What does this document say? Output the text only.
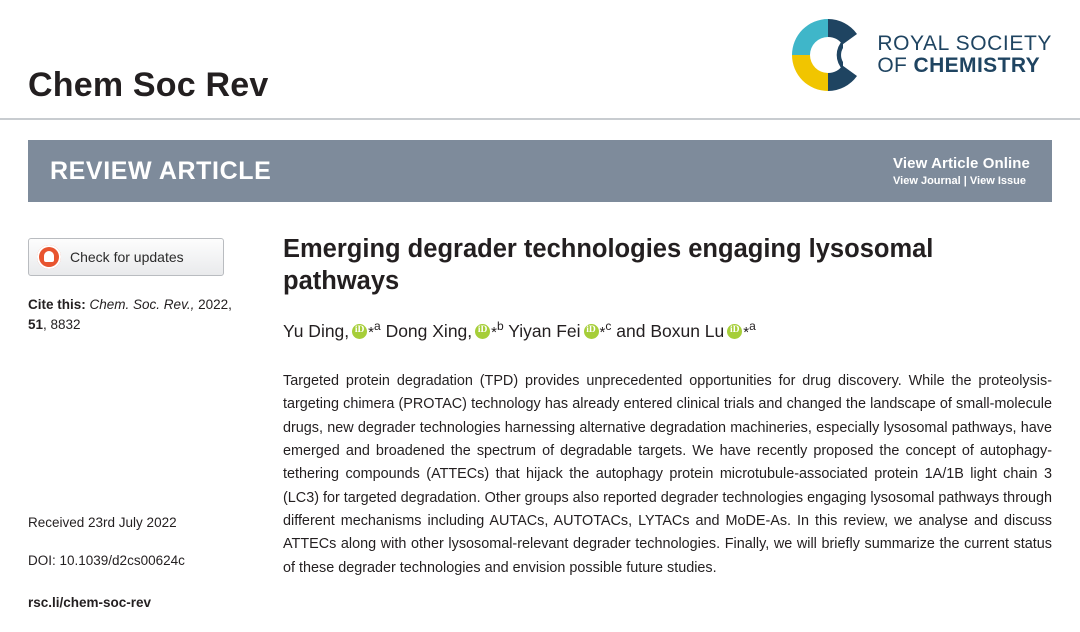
Chem Soc Rev
ROYAL SOCIETY
OF CHEMISTRY
REVIEW ARTICLE	View Article Online
View Journal | View Issue
Check for updates
Cite this: Chem. Soc. Rev., 2022, 51, 8832
Received 23rd July 2022
DOI: 10.1039/d2cs00624c
rsc.li/chem-soc-rev
Emerging degrader technologies engaging lysosomal pathways
Yu Ding, iD *$^a$ Dong Xing, iD *$^b$ Yiyan Fei iD *$^c$ and Boxun Lu iD *$^a$
Targeted protein degradation (TPD) provides unprecedented opportunities for drug discovery. While the proteolysis-targeting chimera (PROTAC) technology has already entered clinical trials and changed the landscape of small-molecule drugs, new degrader technologies harnessing alternative degradation machineries, especially lysosomal pathways, have emerged and broadened the spectrum of degradable targets. We have recently proposed the concept of autophagy-tethering compounds (ATTECs) that hijack the autophagy protein microtubule-associated protein 1A/1B light chain 3 (LC3) for targeted degradation. Other groups also reported degrader technologies engaging lysosomal pathways through different mechanisms including AUTACs, AUTOTACs, LYTACs and MoDE-As. In this review, we analyse and discuss ATTECs along with other lysosomal-relevant degrader technologies. Finally, we will briefly summarize the current status of these degrader technologies and envision possible future studies.
